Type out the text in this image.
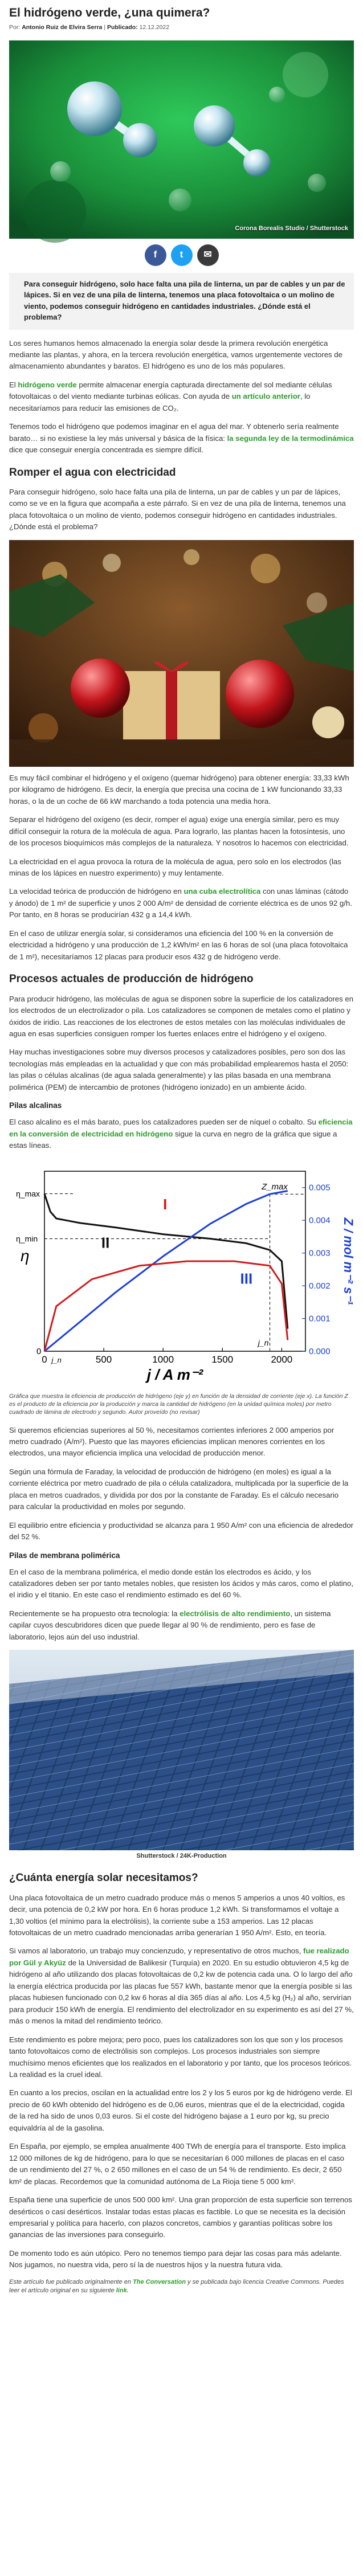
El hidrógeno verde, ¿una quimera?
Por: Antonio Ruiz de Elvira Serra | Publicado: 12.12.2022
Corona Borealis Studio / Shutterstock
f	t	✉
Para conseguir hidrógeno, solo hace falta una pila de linterna, un par de cables y un par de lápices. Si en vez de una pila de linterna, tenemos una placa fotovoltaica o un molino de viento, podemos conseguir hidrógeno en cantidades industriales. ¿Dónde está el problema?

Los seres humanos hemos almacenado la energía solar desde la primera revolución energética mediante las plantas, y ahora, en la tercera revolución energética, vamos urgentemente vectores de almacenamiento abundantes y baratos. El hidrógeno es uno de los más populares.

El hidrógeno verde permite almacenar energía capturada directamente del sol mediante células fotovoltaicas o del viento mediante turbinas eólicas. Con ayuda de un artículo anterior, lo necesitaríamos para reducir las emisiones de CO₂.

Tenemos todo el hidrógeno que podemos imaginar en el agua del mar. Y obtenerlo sería realmente barato… si no existiese la ley más universal y básica de la física: la segunda ley de la termodinámica dice que conseguir energía concentrada es siempre difícil.

Romper el agua con electricidad

Para conseguir hidrógeno, solo hace falta una pila de linterna, un par de cables y un par de lápices, como se ve en la figura que acompaña a este párrafo. Si en vez de una pila de linterna, tenemos una placa fotovoltaica o un molino de viento, podemos conseguir hidrógeno en cantidades industriales. ¿Dónde está el problema?

Es muy fácil combinar el hidrógeno y el oxígeno (quemar hidrógeno) para obtener energía: 33,33 kWh por kilogramo de hidrógeno. Es decir, la energía que precisa una cocina de 1 kW funcionando 33,33 horas, o la de un coche de 66 kW marchando a toda potencia una media hora.

Separar el hidrógeno del oxígeno (es decir, romper el agua) exige una energía similar, pero es muy difícil conseguir la rotura de la molécula de agua. Para lograrlo, las plantas hacen la fotosíntesis, uno de los procesos bioquímicos más complejos de la naturaleza. Y nosotros lo hacemos con electricidad.

La electricidad en el agua provoca la rotura de la molécula de agua, pero solo en los electrodos (las minas de los lápices en nuestro experimento) y muy lentamente.

La velocidad teórica de producción de hidrógeno en una cuba electrolítica con unas láminas (cátodo y ánodo) de 1 m² de superficie y unos 2 000 A/m² de densidad de corriente eléctrica es de unos 92 g/h. Por tanto, en 8 horas se producirían 432 g a 14,4 kWh.

En el caso de utilizar energía solar, si consideramos una eficiencia del 100 % en la conversión de electricidad a hidrógeno y una producción de 1,2 kWh/m² en las 6 horas de sol (una placa fotovoltaica de 1 m²), necesitaríamos 12 placas para producir esos 432 g de hidrógeno verde.

Procesos actuales de producción de hidrógeno

Para producir hidrógeno, las moléculas de agua se disponen sobre la superficie de los catalizadores en los electrodos de un electrolizador o pila. Los catalizadores se componen de metales como el platino y óxidos de iridio. Las reacciones de los electrones de estos metales con las moléculas individuales de agua en esas superficies consiguen romper los fuertes enlaces entre el hidrógeno y el oxígeno.

Hay muchas investigaciones sobre muy diversos procesos y catalizadores posibles, pero son dos las tecnologías más empleadas en la actualidad y que con más probabilidad emplearemos hasta el 2050: las pilas o células alcalinas (de agua salada generalmente) y las pilas basada en una membrana polimérica (PEM) de intercambio de protones (hidrógeno ionizado) en un ambiente ácido.

Pilas alcalinas

El caso alcalino es el más barato, pues los catalizadores pueden ser de níquel o cobalto. Su eficiencia en la conversión de electricidad en hidrógeno sigue la curva en negro de la gráfica que sigue a estas líneas.

0	500	1000	1500	2000
0.000
0.001
0.002
0.003
0.004
0.005
η_max
η_min
0
j_n
I
II
III
Z_max
j_n
j / A m⁻²
η	Z / mol m⁻² s⁻¹

Gráfica que muestra la eficiencia de producción de hidrógeno (eje y) en función de la densidad de corriente (eje x). La función Z es el producto de la eficiencia por la producción y marca la cantidad de hidrógeno (en la unidad química moles) por metro cuadrado de lámina de electrodo y segundo. Autor proveído (no revisar)

Si queremos eficiencias superiores al 50 %, necesitamos corrientes inferiores 2 000 amperios por metro cuadrado (A/m²). Puesto que las mayores eficiencias implican menores corrientes en los electrodos, una mayor eficiencia implica una velocidad de producción menor.

Según una fórmula de Faraday, la velocidad de producción de hidrógeno (en moles) es igual a la corriente eléctrica por metro cuadrado de pila o célula catalizadora, multiplicada por la superficie de la placa en metros cuadrados, y dividida por dos por la constante de Faraday. Es el cálculo necesario para calcular la productividad en moles por segundo.

El equilibrio entre eficiencia y productividad se alcanza para 1 950 A/m² con una eficiencia de alrededor del 52 %.

Pilas de membrana polimérica

En el caso de la membrana polimérica, el medio donde están los electrodos es ácido, y los catalizadores deben ser por tanto metales nobles, que resisten los ácidos y más caros, como el platino, el iridio y el titanio. En este caso el rendimiento estimado es del 60 %.

Recientemente se ha propuesto otra tecnología: la electrólisis de alto rendimiento, un sistema capilar cuyos descubridores dicen que puede llegar al 90 % de rendimiento, pero es fase de laboratorio, lejos aún del uso industrial.

Shutterstock / 24K-Production
¿Cuánta energía solar necesitamos?

Una placa fotovoltaica de un metro cuadrado produce más o menos 5 amperios a unos 40 voltios, es decir, una potencia de 0,2 kW por hora. En 6 horas produce 1,2 kWh. Si transformamos el voltaje a 1,30 voltios (el mínimo para la electrólisis), la corriente sube a 153 amperios. Las 12 placas fotovoltaicas de un metro cuadrado mencionadas arriba generarían 1 950 A/m². Esto, en teoría.

Si vamos al laboratorio, un trabajo muy concienzudo, y representativo de otros muchos, fue realizado por Gül y Akyüz de la Universidad de Balikesir (Turquía) en 2020. En su estudio obtuvieron 4,5 kg de hidrógeno al año utilizando dos placas fotovoltaicas de 0,2 kw de potencia cada una. O lo largo del año la energía eléctrica producida por las placas fue 557 kWh, bastante menor que la energía posible si las placas hubiesen funcionado con 0,2 kw 6 horas al día 365 días al año. Los 4,5 kg (H₂) al año, servirían para producir 150 kWh de energía. El rendimiento del electrolizador en su experimento es así del 27 %, más o menos la mitad del rendimiento teórico.

Este rendimiento es pobre mejora; pero poco, pues los catalizadores son los que son y los procesos tanto fotovoltaicos como de electrólisis son complejos. Los procesos industriales son siempre muchísimo menos eficientes que los realizados en el laboratorio y por tanto, que los procesos teóricos. La realidad es la cruel ideal.

En cuanto a los precios, oscilan en la actualidad entre los 2 y los 5 euros por kg de hidrógeno verde. El precio de 60 kWh obtenido del hidrógeno es de 0,06 euros, mientras que el de la electricidad, cogida de la red ha sido de unos 0,03 euros. Si el coste del hidrógeno bajase a 1 euro por kg, su precio equivaldría al de la gasolina.

En España, por ejemplo, se emplea anualmente 400 TWh de energía para el transporte. Esto implica 12 000 millones de kg de hidrógeno, para lo que se necesitarían 6 000 millones de placas en el caso de un rendimiento del 27 %, o 2 650 millones en el caso de un 54 % de rendimiento. Es decir, 2 650 km² de placas. Recordemos que la comunidad autónoma de La Rioja tiene 5 000 km².

España tiene una superficie de unos 500 000 km². Una gran proporción de esta superficie son terrenos desérticos o casi desérticos. Instalar todas estas placas es factible. Lo que se necesita es la decisión empresarial y política para hacerlo, con plazos concretos, cambios y garantías políticas sobre los ganancias de las inversiones para conseguirlo.

De momento todo es aún utópico. Pero no tenemos tiempo para dejar las cosas para más adelante. Nos jugamos, no nuestra vida, pero sí la de nuestros hijos y la nuestra futura vida.

Este artículo fue publicado originalmente en The Conversation y se publicada bajo licencia Creative Commons. Puedes leer el artículo original en su siguiente link.
